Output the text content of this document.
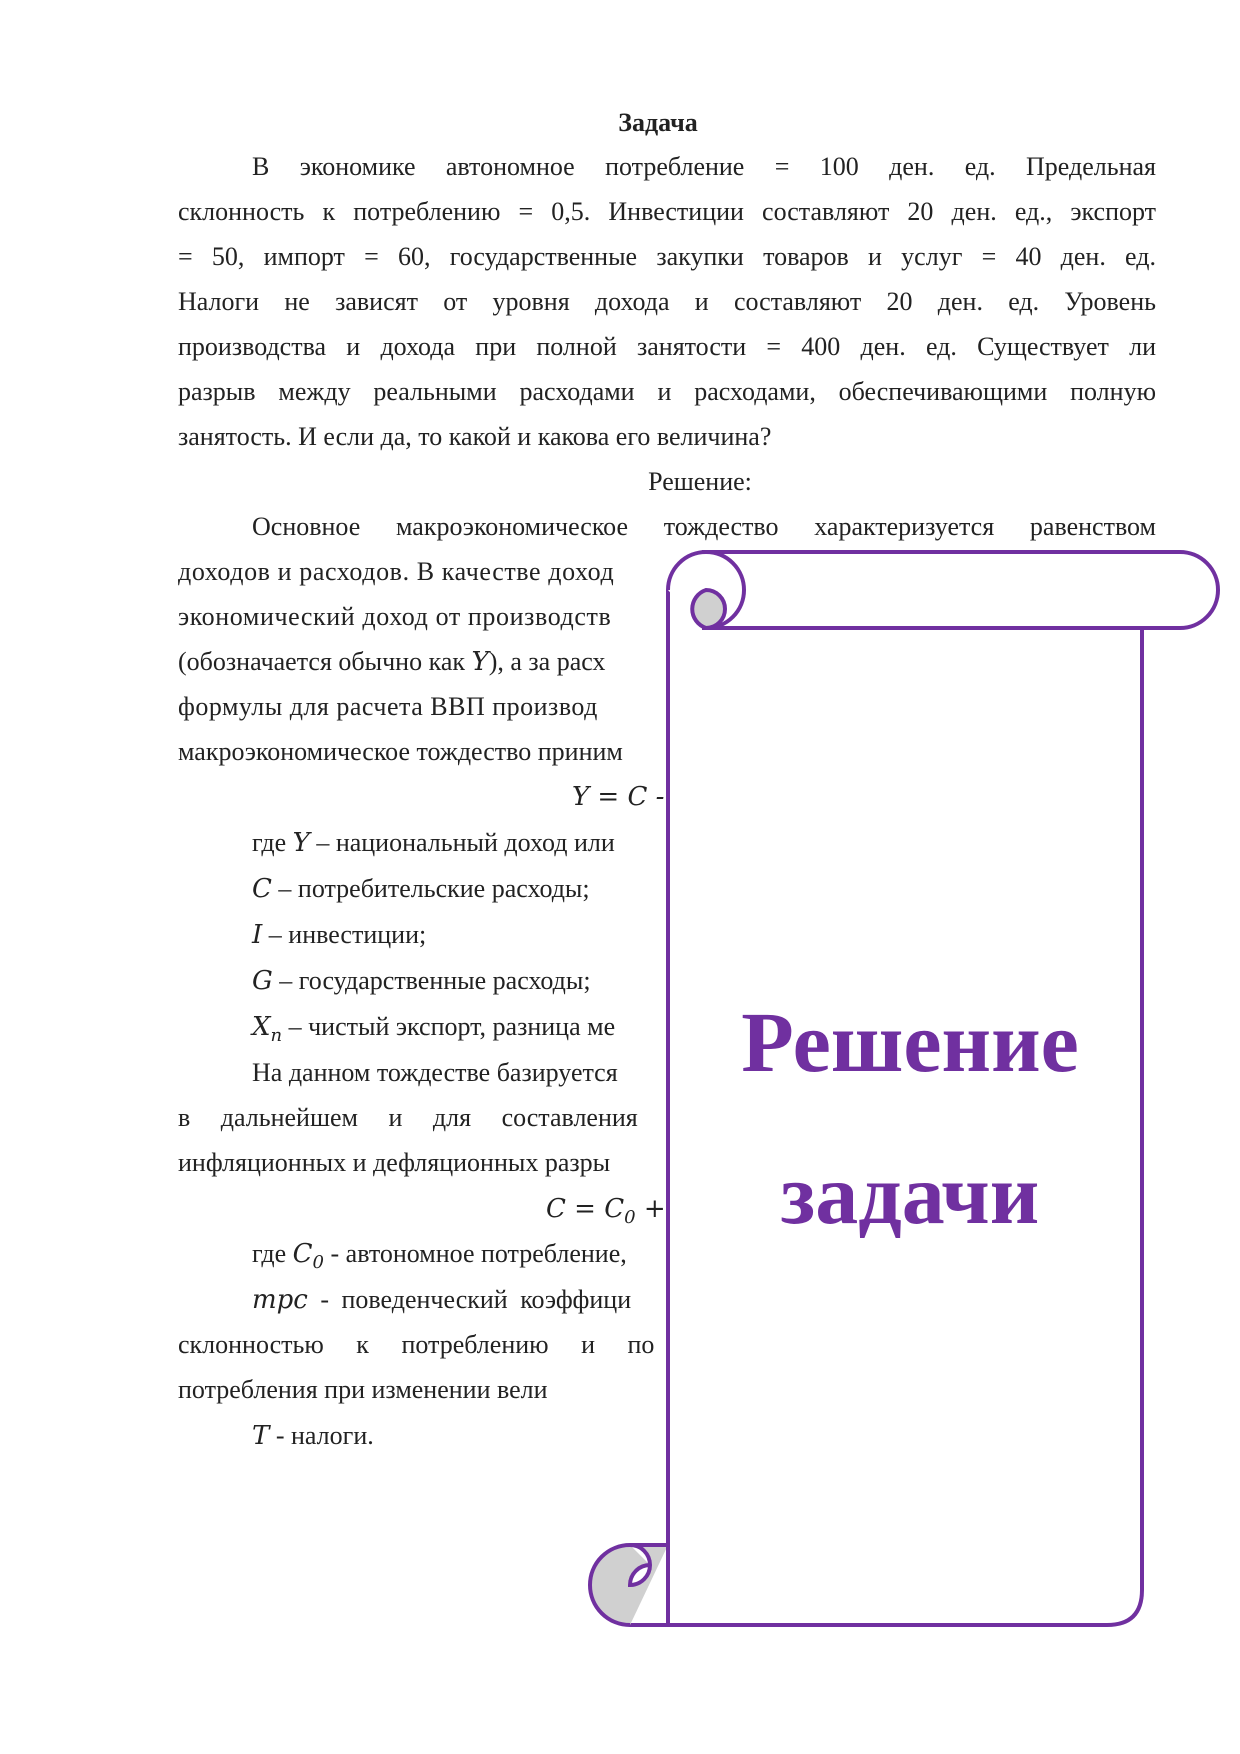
Задача
В экономике автономное потребление = 100 ден. ед. Предельная
склонность к потреблению = 0,5. Инвестиции составляют 20 ден. ед., экспорт
= 50, импорт = 60, государственные закупки товаров и услуг = 40 ден. ед.
Налоги не зависят от уровня дохода и составляют 20 ден. ед. Уровень
производства и дохода при полной занятости = 400 ден. ед. Существует ли
разрыв между реальными расходами и расходами, обеспечивающими полную
занятость. И если да, то какой и какова его величина?
Решение:
Основное макроэкономическое тождество характеризуется равенством
доходов и расходов. В качестве доход
экономический доход от производств
(обозначается обычно как Y), а за расх
формулы для расчета ВВП производ
макроэкономическое тождество приним
Y = C -
где Y – национальный доход или
C – потребительские расходы;
I – инвестиции;
G – государственные расходы;
$X_n$ – чистый экспорт, разница ме
На данном тождестве базируется
в дальнейшем и для составления
инфляционных и дефляционных разры
$C = C_0$ +
где $C_0$ - автономное потребление,
mpc - поведенческий коэффици
склонностью к потреблению и по
потребления при изменении вели
T - налоги.
Решение
задачи
